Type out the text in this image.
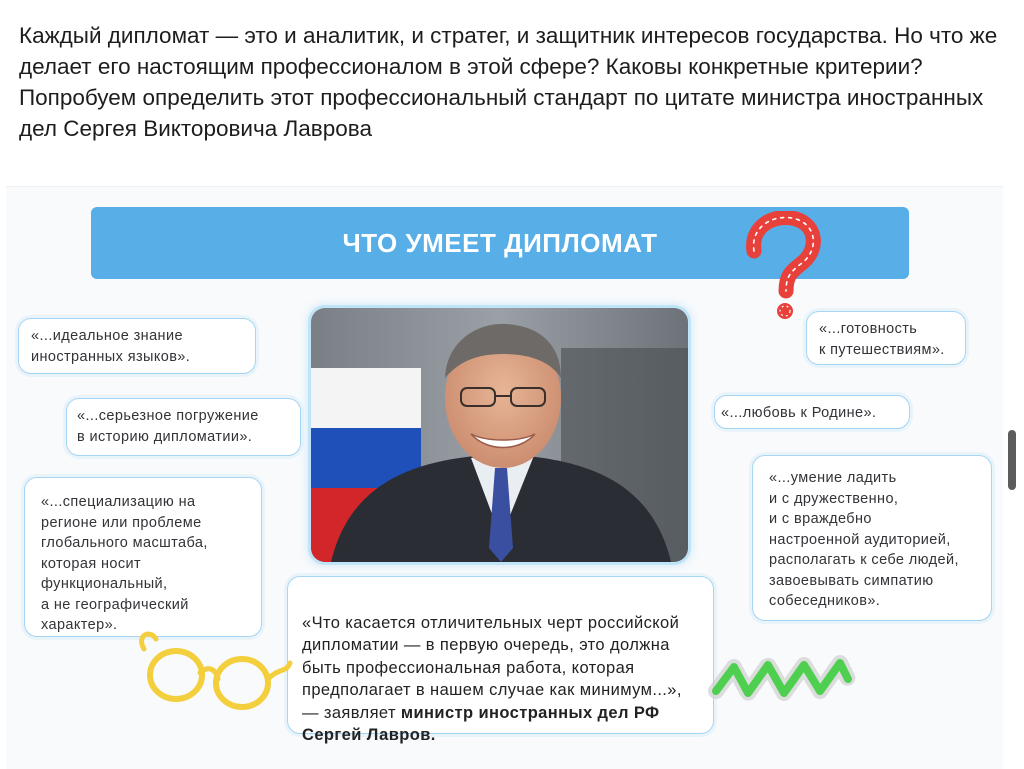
Каждый дипломат — это и аналитик, и стратег, и защитник интересов государства. Но что же делает его настоящим профессионалом в этой сфере? Каковы конкретные критерии? Попробуем определить этот профессиональный стандарт по цитате министра иностранных дел Сергея Викторовича Лаврова

ЧТО УМЕЕТ ДИПЛОМАТ
«...идеальное знание
иностранных языков».
«...серьезное погружение
в историю дипломатии».
«...специализацию на
регионе или проблеме
глобального масштаба,
которая носит
функциональный,
а не географический
характер».
«...готовность
к путешествиям».
«...любовь к Родине».
«...умение ладить
и с дружественно,
и с враждебно
настроенной аудиторией,
располагать к себе людей,
завоевывать симпатию
собеседников».

«Что касается отличительных черт российской дипломатии — в первую очередь, это должна быть профессиональная работа, которая предполагает в нашем случае как минимум...», — заявляет министр иностранных дел РФ Сергей Лавров.
